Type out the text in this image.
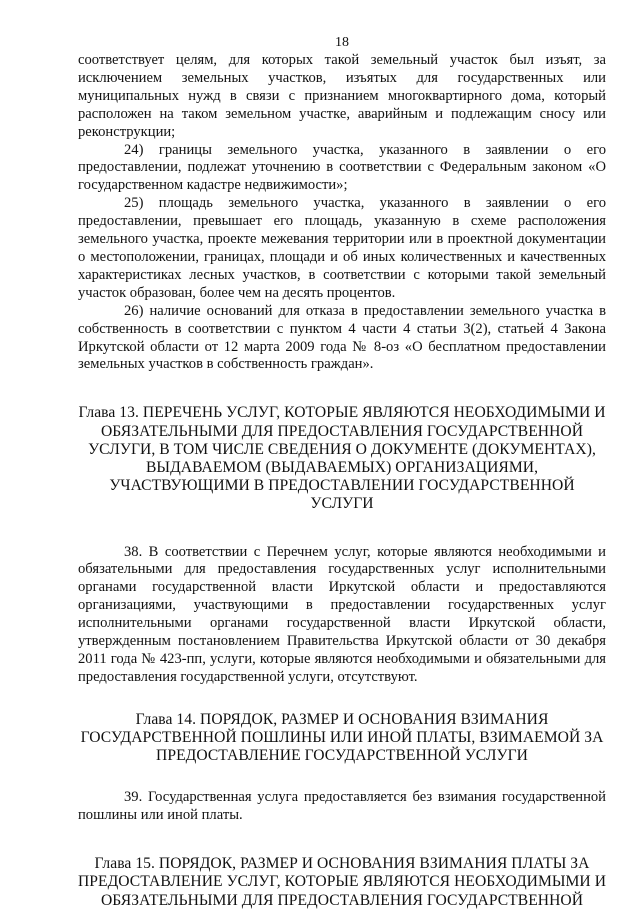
18

соответствует целям, для которых такой земельный участок был изъят, за исключением земельных участков, изъятых для государственных или муниципальных нужд в связи с признанием многоквартирного дома, который расположен на таком земельном участке, аварийным и подлежащим сносу или реконструкции;

24) границы земельного участка, указанного в заявлении о его предоставлении, подлежат уточнению в соответствии с Федеральным законом «О государственном кадастре недвижимости»;

25) площадь земельного участка, указанного в заявлении о его предоставлении, превышает его площадь, указанную в схеме расположения земельного участка, проекте межевания территории или в проектной документации о местоположении, границах, площади и об иных количественных и качественных характеристиках лесных участков, в соответствии с которыми такой земельный участок образован, более чем на десять процентов.

26) наличие оснований для отказа в предоставлении земельного участка в собственность в соответствии с пунктом 4 части 4 статьи 3(2), статьей 4 Закона Иркутской области от 12 марта 2009 года № 8-оз «О бесплатном предоставлении земельных участков в собственность граждан».

Глава 13. ПЕРЕЧЕНЬ УСЛУГ, КОТОРЫЕ ЯВЛЯЮТСЯ НЕОБХОДИМЫМИ И ОБЯЗАТЕЛЬНЫМИ ДЛЯ ПРЕДОСТАВЛЕНИЯ ГОСУДАРСТВЕННОЙ УСЛУГИ, В ТОМ ЧИСЛЕ СВЕДЕНИЯ О ДОКУМЕНТЕ (ДОКУМЕНТАХ), ВЫДАВАЕМОМ (ВЫДАВАЕМЫХ) ОРГАНИЗАЦИЯМИ, УЧАСТВУЮЩИМИ В ПРЕДОСТАВЛЕНИИ ГОСУДАРСТВЕННОЙ УСЛУГИ

38. В соответствии с Перечнем услуг, которые являются необходимыми и обязательными для предоставления государственных услуг исполнительными органами государственной власти Иркутской области и предоставляются организациями, участвующими в предоставлении государственных услуг исполнительными органами государственной власти Иркутской области, утвержденным постановлением Правительства Иркутской области от 30 декабря 2011 года № 423-пп, услуги, которые являются необходимыми и обязательными для предоставления государственной услуги, отсутствуют.

Глава 14. ПОРЯДОК, РАЗМЕР И ОСНОВАНИЯ ВЗИМАНИЯ ГОСУДАРСТВЕННОЙ ПОШЛИНЫ ИЛИ ИНОЙ ПЛАТЫ, ВЗИМАЕМОЙ ЗА ПРЕДОСТАВЛЕНИЕ ГОСУДАРСТВЕННОЙ УСЛУГИ

39. Государственная услуга предоставляется без взимания государственной пошлины или иной платы.

Глава 15. ПОРЯДОК, РАЗМЕР И ОСНОВАНИЯ ВЗИМАНИЯ ПЛАТЫ ЗА ПРЕДОСТАВЛЕНИЕ УСЛУГ, КОТОРЫЕ ЯВЛЯЮТСЯ НЕОБХОДИМЫМИ И ОБЯЗАТЕЛЬНЫМИ ДЛЯ ПРЕДОСТАВЛЕНИЯ ГОСУДАРСТВЕННОЙ
